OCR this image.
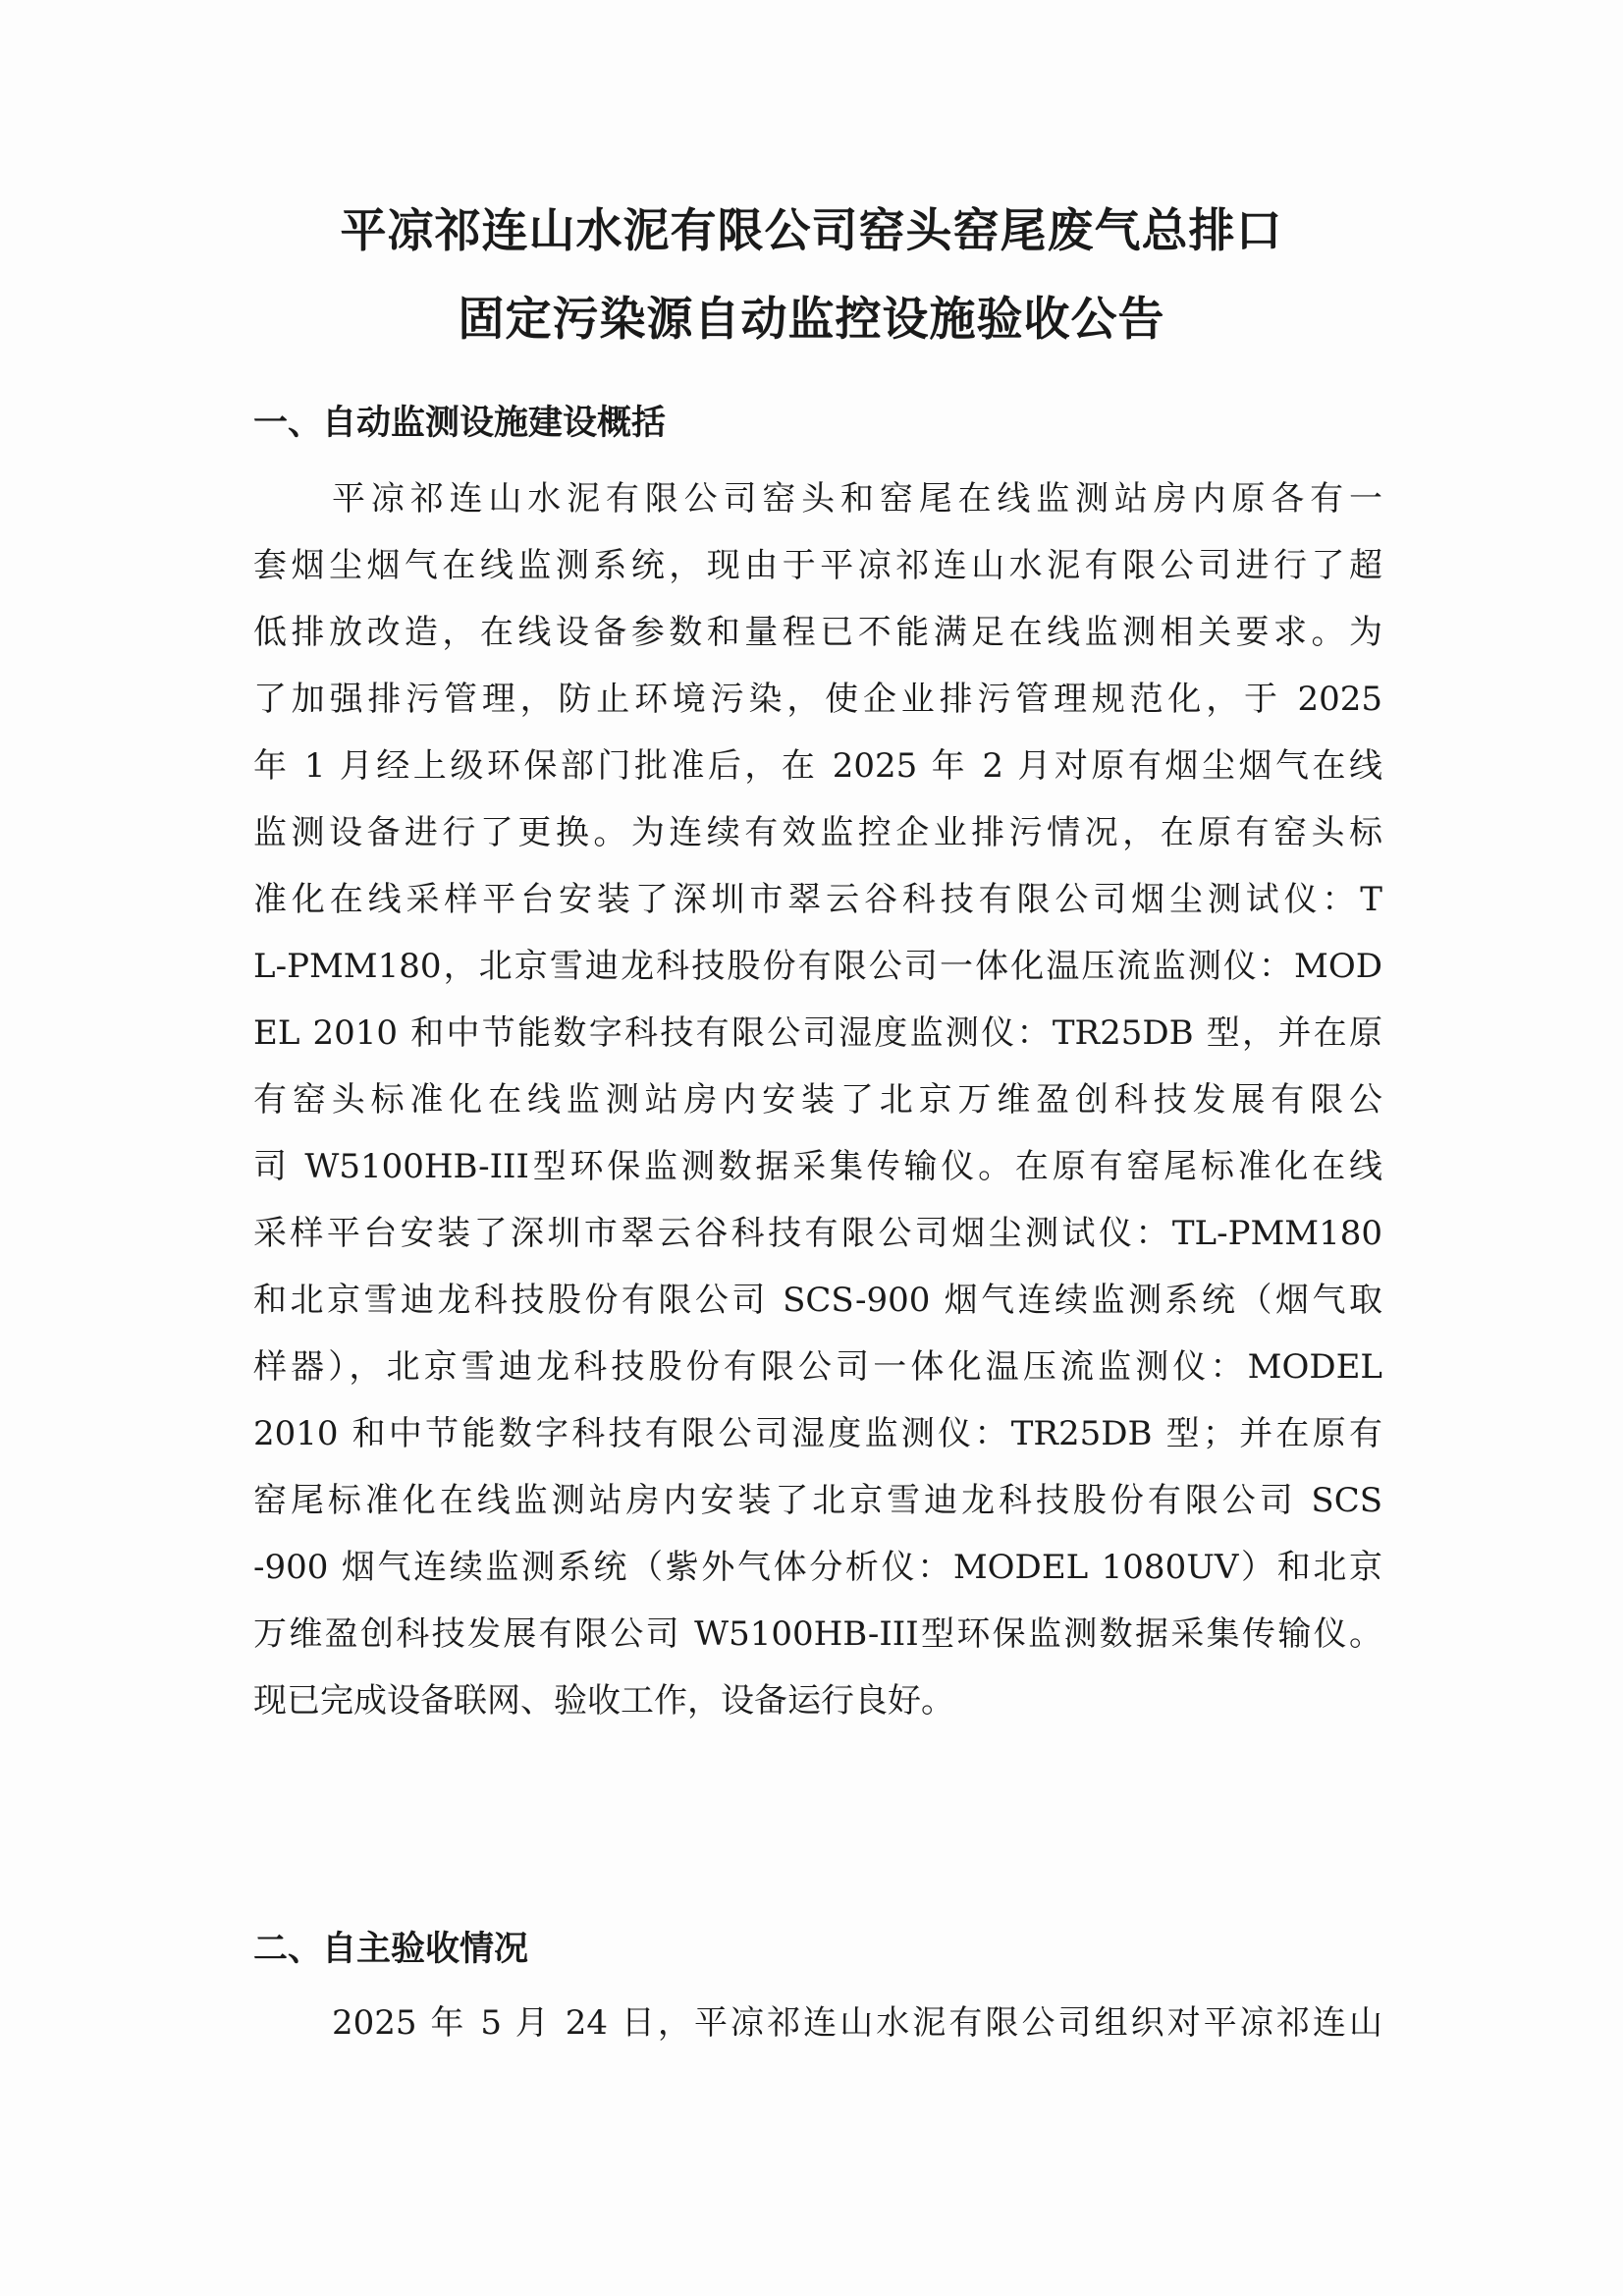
平凉祁连山水泥有限公司窑头窑尾废气总排口
固定污染源自动监控设施验收公告
一、自动监测设施建设概括
平凉祁连山水泥有限公司窑头和窑尾在线监测站房内原各有一
套烟尘烟气在线监测系统，现由于平凉祁连山水泥有限公司进行了超
低排放改造，在线设备参数和量程已不能满足在线监测相关要求。为
了加强排污管理，防止环境污染，使企业排污管理规范化，于 2025
年 1 月经上级环保部门批准后，在 2025 年 2 月对原有烟尘烟气在线
监测设备进行了更换。为连续有效监控企业排污情况，在原有窑头标
准化在线采样平台安装了深圳市翠云谷科技有限公司烟尘测试仪：T
L-PMM180，北京雪迪龙科技股份有限公司一体化温压流监测仪：MOD
EL 2010 和中节能数字科技有限公司湿度监测仪：TR25DB 型，并在原
有窑头标准化在线监测站房内安装了北京万维盈创科技发展有限公
司 W5100HB-III型环保监测数据采集传输仪。在原有窑尾标准化在线
采样平台安装了深圳市翠云谷科技有限公司烟尘测试仪：TL-PMM180
和北京雪迪龙科技股份有限公司 SCS-900 烟气连续监测系统（烟气取
样器），北京雪迪龙科技股份有限公司一体化温压流监测仪：MODEL
2010 和中节能数字科技有限公司湿度监测仪：TR25DB 型；并在原有
窑尾标准化在线监测站房内安装了北京雪迪龙科技股份有限公司 SCS
-900 烟气连续监测系统（紫外气体分析仪：MODEL 1080UV）和北京
万维盈创科技发展有限公司 W5100HB-III型环保监测数据采集传输仪。
现已完成设备联网、验收工作，设备运行良好。
二、自主验收情况
2025 年 5 月 24 日，平凉祁连山水泥有限公司组织对平凉祁连山
